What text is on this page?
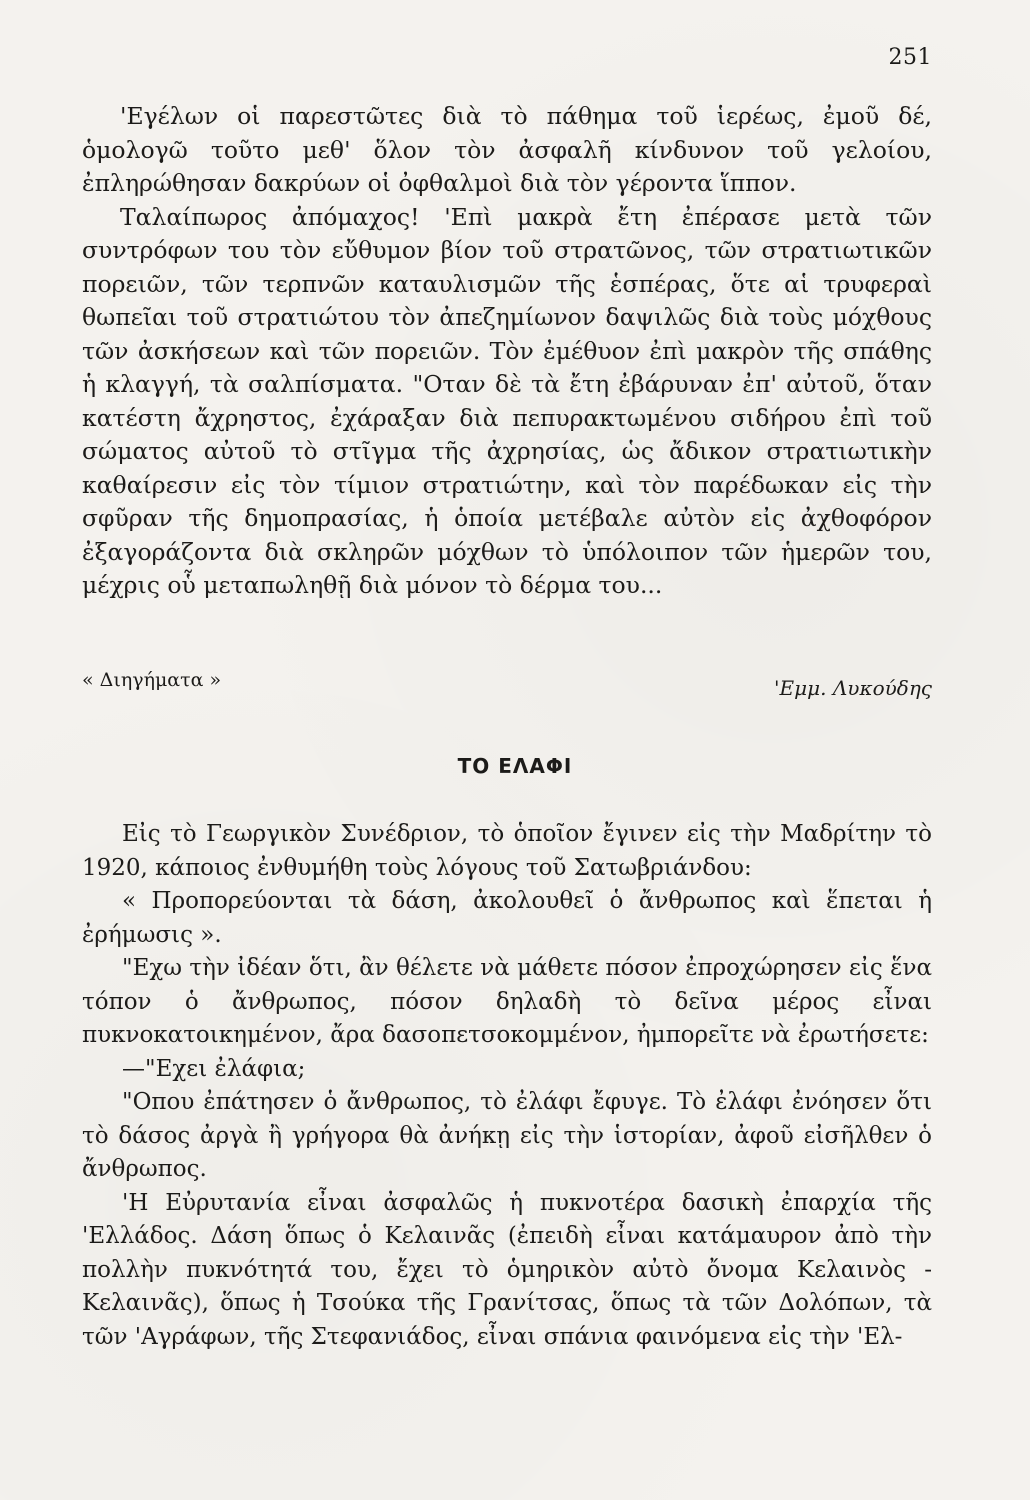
251

'Εγέλων οἱ παρεστῶτες διὰ τὸ πάθημα τοῦ ἱερέως, ἐμοῦ δέ, ὁμολογῶ τοῦτο μεθ' ὅλον τὸν ἀσφαλῆ κίνδυνον τοῦ γελοίου, ἐπληρώθησαν δακρύων οἱ ὀφθαλμοὶ διὰ τὸν γέροντα ἵππον.

Ταλαίπωρος ἀπόμαχος! 'Επὶ μακρὰ ἔτη ἐπέρασε μετὰ τῶν συντρόφων του τὸν εὔθυμον βίον τοῦ στρατῶνος, τῶν στρατιωτικῶν πορειῶν, τῶν τερπνῶν καταυλισμῶν τῆς ἑσπέρας, ὅτε αἱ τρυφεραὶ θωπεῖαι τοῦ στρατιώτου τὸν ἀπεζημίωνον δαψιλῶς διὰ τοὺς μόχθους τῶν ἀσκήσεων καὶ τῶν πορειῶν. Τὸν ἐμέθυον ἐπὶ μακρὸν τῆς σπάθης ἡ κλαγγή, τὰ σαλπίσματα. "Οταν δὲ τὰ ἔτη ἐβάρυναν ἐπ' αὐτοῦ, ὅταν κατέστη ἄχρηστος, ἐχάραξαν διὰ πεπυρακτωμένου σιδήρου ἐπὶ τοῦ σώματος αὐτοῦ τὸ στῖγμα τῆς ἀχρησίας, ὡς ἄδικον στρατιωτικὴν καθαίρεσιν εἰς τὸν τίμιον στρατιώτην, καὶ τὸν παρέδωκαν εἰς τὴν σφῦραν τῆς δημοπρασίας, ἡ ὁποία μετέβαλε αὐτὸν εἰς ἀχθοφόρον ἐξαγοράζοντα διὰ σκληρῶν μόχθων τὸ ὑπόλοιπον τῶν ἡμερῶν του, μέχρις οὗ μεταπωληθῇ διὰ μόνον τὸ δέρμα του...

« Διηγήματα »	'Εμμ. Λυκούδης
ΤΟ ΕΛΑΦΙ

Εἰς τὸ Γεωργικὸν Συνέδριον, τὸ ὁποῖον ἔγινεν εἰς τὴν Μαδρίτην τὸ 1920, κάποιος ἐνθυμήθη τοὺς λόγους τοῦ Σατωβριάνδου:

« Προπορεύονται τὰ δάση, ἀκολουθεῖ ὁ ἄνθρωπος καὶ ἕπεται ἡ ἐρήμωσις ».

"Εχω τὴν ἰδέαν ὅτι, ἂν θέλετε νὰ μάθετε πόσον ἐπροχώρησεν εἰς ἕνα τόπον ὁ ἄνθρωπος, πόσον δηλαδὴ τὸ δεῖνα μέρος εἶναι πυκνοκατοικημένον, ἄρα δασοπετσοκομμένον, ἠμπορεῖτε νὰ ἐρωτήσετε:

—"Εχει ἐλάφια;

"Οπου ἐπάτησεν ὁ ἄνθρωπος, τὸ ἐλάφι ἔφυγε. Τὸ ἐλάφι ἐνόησεν ὅτι τὸ δάσος ἀργὰ ἢ γρήγορα θὰ ἀνήκῃ εἰς τὴν ἱστορίαν, ἀφοῦ εἰσῆλθεν ὁ ἄνθρωπος.

'Η Εὐρυτανία εἶναι ἀσφαλῶς ἡ πυκνοτέρα δασικὴ ἐπαρχία τῆς 'Ελλάδος. Δάση ὅπως ὁ Κελαινᾶς (ἐπειδὴ εἶναι κατάμαυρον ἀπὸ τὴν πολλὴν πυκνότητά του, ἔχει τὸ ὁμηρικὸν αὐτὸ ὄνομα Κελαινὸς - Κελαινᾶς), ὅπως ἡ Τσούκα τῆς Γρανίτσας, ὅπως τὰ τῶν Δολόπων, τὰ τῶν 'Αγράφων, τῆς Στεφανιάδος, εἶναι σπάνια φαινόμενα εἰς τὴν 'Ελ-
